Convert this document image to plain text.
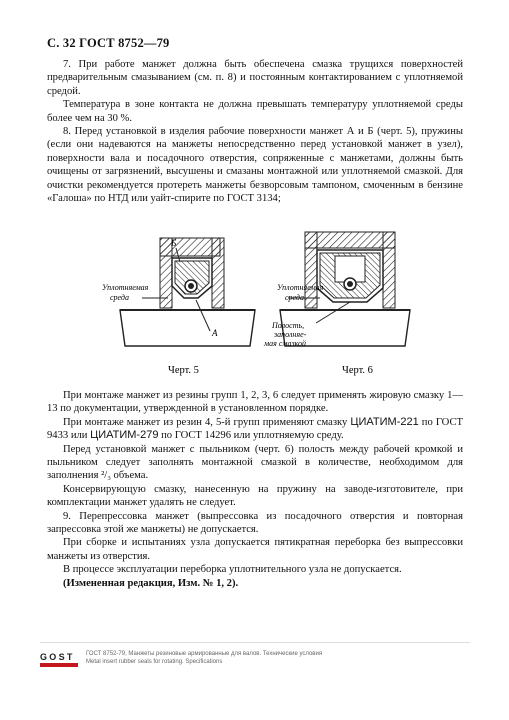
С. 32 ГОСТ 8752—79

7. При работе манжет должна быть обеспечена смазка трущихся поверхностей предварительным смазыванием (см. п. 8) и постоянным контактированием с уплотняемой средой.

Температура в зоне контакта не должна превышать температуру уплотняемой среды более чем на 30 %.

8. Перед установкой в изделия рабочие поверхности манжет А и Б (черт. 5), пружины (если они надеваются на манжеты непосредственно перед установкой манжет в узел), поверхности вала и посадочного отверстия, сопряженные с манжетами, должны быть очищены от загрязнений, высушены и смазаны монтажной или уплотняемой смазкой. Для очистки рекомендуется протереть манжеты безворсовым тампоном, смоченным в бензине «Галоша» по НТД или уайт-спирите по ГОСТ 3134;

Б
А
Уплотняемая
среда
Уплотняемая
среда
Полость,
заполняе-
мая смазкой
Черт. 5	Черт. 6

При монтаже манжет из резины групп 1, 2, 3, 6 следует применять жировую смазку 1—13 по документации, утвержденной в установленном порядке.

При монтаже манжет из резин 4, 5-й групп применяют смазку ЦИАТИМ-221 по ГОСТ 9433 или ЦИАТИМ-279 по ГОСТ 14296 или уплотняемую среду.

Перед установкой манжет с пыльником (черт. 6) полость между рабочей кромкой и пыльником следует заполнять монтажной смазкой в количестве, необходимом для заполнения ²/₃ объема.

Консервирующую смазку, нанесенную на пружину на заводе-изготовителе, при комплектации манжет удалять не следует.

9. Перепрессовка манжет (выпрессовка из посадочного отверстия и повторная запрессовка этой же манжеты) не допускается.

При сборке и испытаниях узла допускается пятикратная переборка без выпрессовки манжеты из отверстия.

В процессе эксплуатации переборка уплотнительного узла не допускается.

(Измененная редакция, Изм. № 1, 2).

GOST	ГОСТ 8752-79, Манжеты резиновые армированные для валов. Технические условия
Metal insert rubber seals for rotating. Specifications
